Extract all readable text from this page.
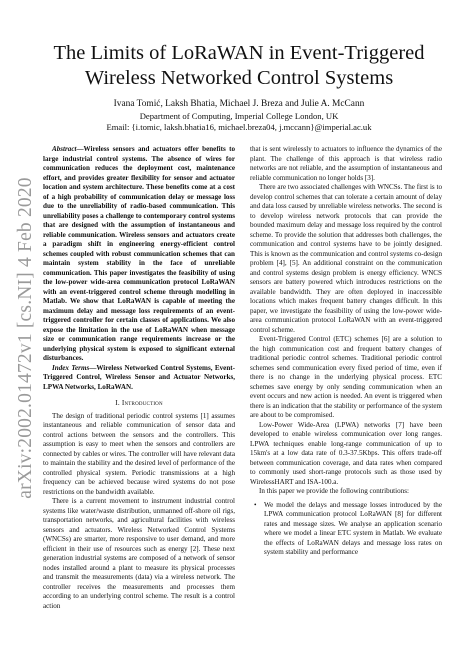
arXiv:2002.01472v1 [cs.NI] 4 Feb 2020
The Limits of LoRaWAN in Event-Triggered
Wireless Networked Control Systems
Ivana Tomić, Laksh Bhatia, Michael J. Breza and Julie A. McCann
Department of Computing, Imperial College London, UK
Email: {i.tomic, laksh.bhatia16, michael.breza04, j.mccann}@imperial.ac.uk

Abstract—Wireless sensors and actuators offer benefits to large industrial control systems. The absence of wires for communication reduces the deployment cost, maintenance effort, and provides greater flexibility for sensor and actuator location and system architecture. These benefits come at a cost of a high probability of communication delay or message loss due to the unreliability of radio-based communication. This unreliability poses a challenge to contemporary control systems that are designed with the assumption of instantaneous and reliable communication. Wireless sensors and actuators create a paradigm shift in engineering energy-efficient control schemes coupled with robust communication schemes that can maintain system stability in the face of unreliable communication. This paper investigates the feasibility of using the low-power wide-area communication protocol LoRaWAN with an event-triggered control scheme through modelling in Matlab. We show that LoRaWAN is capable of meeting the maximum delay and message loss requirements of an event-triggered controller for certain classes of applications. We also expose the limitation in the use of LoRaWAN when message size or communication range requirements increase or the underlying physical system is exposed to significant external disturbances.

Index Terms—Wireless Networked Control Systems, Event-Triggered Control, Wireless Sensor and Actuator Networks, LPWA Networks, LoRaWAN.

I. Introduction

The design of traditional periodic control systems [1] assumes instantaneous and reliable communication of sensor data and control actions between the sensors and the controllers. This assumption is easy to meet when the sensors and controllers are connected by cables or wires. The controller will have relevant data to maintain the stability and the desired level of performance of the controlled physical system. Periodic transmissions at a high frequency can be achieved because wired systems do not pose restrictions on the bandwidth available.

There is a current movement to instrument industrial control systems like water/waste distribution, unmanned off-shore oil rigs, transportation networks, and agricultural facilities with wireless sensors and actuators. Wireless Networked Control Systems (WNCSs) are smarter, more responsive to user demand, and more efficient in their use of resources such as energy [2]. These next generation industrial systems are composed of a network of sensor nodes installed around a plant to measure its physical processes and transmit the measurements (data) via a wireless network. The controller receives the measurements and processes them according to an underlying control scheme. The result is a control action

that is sent wirelessly to actuators to influence the dynamics of the plant. The challenge of this approach is that wireless radio networks are not reliable, and the assumption of instantaneous and reliable communication no longer holds [3].

There are two associated challenges with WNCSs. The first is to develop control schemes that can tolerate a certain amount of delay and data loss caused by unreliable wireless networks. The second is to develop wireless network protocols that can provide the bounded maximum delay and message loss required by the control scheme. To provide the solution that addresses both challenges, the communication and control systems have to be jointly designed. This is known as the communication and control systems co-design problem [4], [5]. An additional constraint on the communication and control systems design problem is energy efficiency. WNCS sensors are battery powered which introduces restrictions on the available bandwidth. They are often deployed in inaccessible locations which makes frequent battery changes difficult. In this paper, we investigate the feasibility of using the low-power wide-area communication protocol LoRaWAN with an event-triggered control scheme.

Event-Triggered Control (ETC) schemes [6] are a solution to the high communication cost and frequent battery changes of traditional periodic control schemes. Traditional periodic control schemes send communication every fixed period of time, even if there is no change in the underlying physical process. ETC schemes save energy by only sending communication when an event occurs and new action is needed. An event is triggered when there is an indication that the stability or performance of the system are about to be compromised.

Low-Power Wide-Area (LPWA) networks [7] have been developed to enable wireless communication over long ranges. LPWA techniques enable long-range communication of up to 15km's at a low data rate of 0.3-37.5Kbps. This offers trade-off between communication coverage, and data rates when compared to commonly used short-range protocols such as those used by WirelessHART and ISA-100.a.

In this paper we provide the following contributions:

• We model the delays and message losses introduced by the LPWA communication protocol LoRaWAN [8] for different rates and message sizes. We analyse an application scenario where we model a linear ETC system in Matlab. We evaluate the effects of LoRaWAN delays and message loss rates on system stability and performance
